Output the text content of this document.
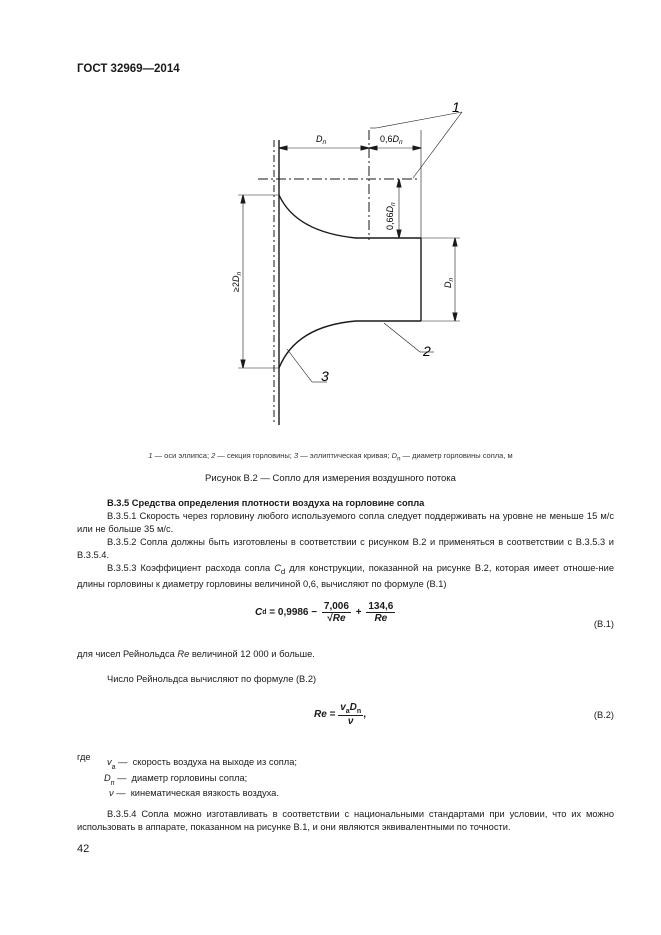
ГОСТ 32969—2014
$D_п$	$0,6D_п$
$0,66D_п$
$\ge 2D_п$
$D_п$
1
2
3
1 — оси эллипса; 2 — секция горловины; 3 — эллиптическая кривая; $D_п$ — диаметр горловины сопла, м
Рисунок В.2 — Сопло для измерения воздушного потока
В.3.5 Средства определения плотности воздуха на горловине сопла
В.3.5.1 Скорость через горловину любого используемого сопла следует поддерживать на уровне не меньше 15 м/с или не больше 35 м/с.
В.3.5.2 Сопла должны быть изготовлены в соответствии с рисунком В.2 и применяться в соответствии с В.3.5.3 и В.3.5.4.
В.3.5.3 Коэффициент расхода сопла $C_d$ для конструкции, показанной на рисунке В.2, которая имеет отноше-ние длины горловины к диаметру горловины величиной 0,6, вычисляют по формуле (В.1)
C $d = 0,9986 - \frac{7,006}{√Re} + \frac{134,6}{Re}$	(В.1)
для чисел Рейнольдса Re величиной 12 000 и больше.
Число Рейнольдса вычисляют по формуле (В.2)
Re =
$v_aD_n$
ν
,	(В.2)
где $v_a$ —  скорость воздуха на выходе из сопла;
$D_п$ —  диаметр горловины сопла;
ν —  кинематическая вязкость воздуха.
В.3.5.4 Сопла можно изготавливать в соответствии с национальными стандартами при условии, что их можно использовать в аппарате, показанном на рисунке В.1, и они являются эквивалентными по точности.
42
